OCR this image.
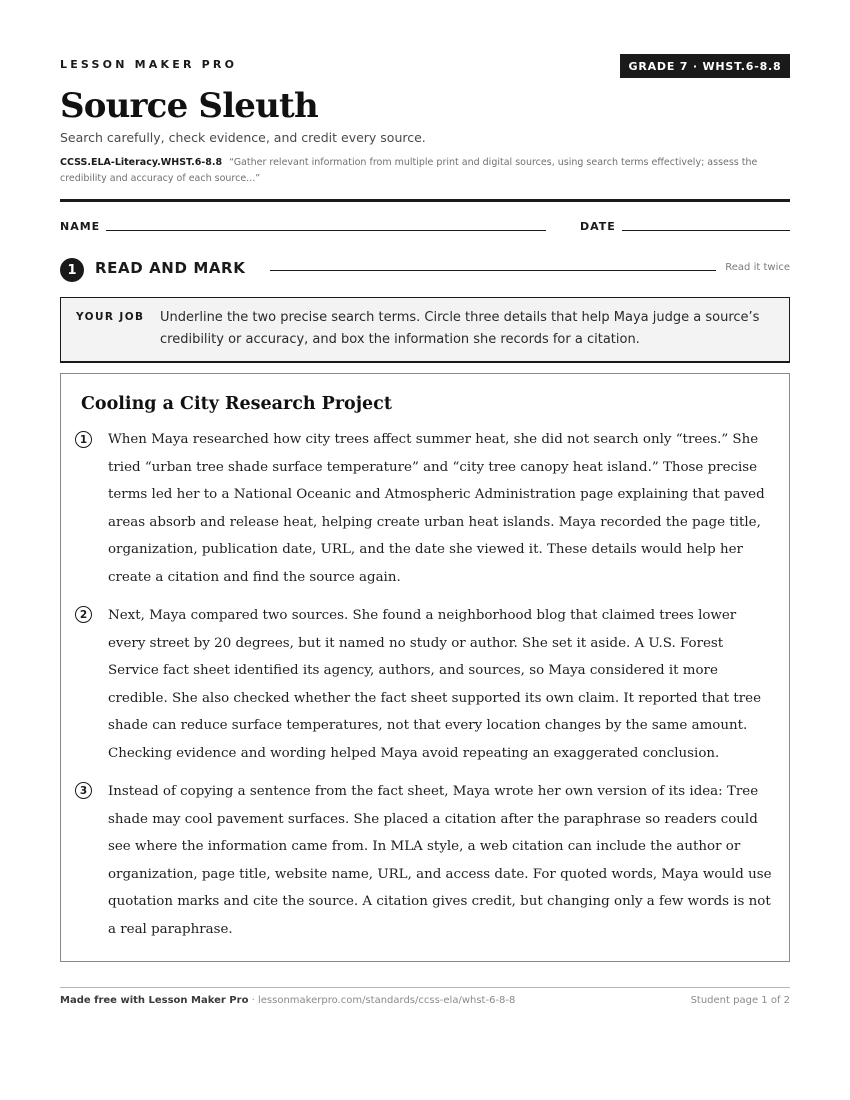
LESSON MAKER PRO	GRADE 7 · WHST.6-8.8
Source Sleuth
Search carefully, check evidence, and credit every source.
CCSS.ELA-Literacy.WHST.6-8.8 “Gather relevant information from multiple print and digital sources, using search terms effectively; assess the credibility and accuracy of each source...”
NAME	DATE
1	READ AND MARK	Read it twice
YOUR JOB Underline the two precise search terms. Circle three details that help Maya judge a source’s credibility or accuracy, and box the information she records for a citation.
Cooling a City Research Project
1	When Maya researched how city trees affect summer heat, she did not search only “trees.” She tried “urban tree shade surface temperature” and “city tree canopy heat island.” Those precise terms led her to a National Oceanic and Atmospheric Administration page explaining that paved areas absorb and release heat, helping create urban heat islands. Maya recorded the page title, organization, publication date, URL, and the date she viewed it. These details would help her create a citation and find the source again.
2	Next, Maya compared two sources. She found a neighborhood blog that claimed trees lower every street by 20 degrees, but it named no study or author. She set it aside. A U.S. Forest Service fact sheet identified its agency, authors, and sources, so Maya considered it more credible. She also checked whether the fact sheet supported its own claim. It reported that tree shade can reduce surface temperatures, not that every location changes by the same amount. Checking evidence and wording helped Maya avoid repeating an exaggerated conclusion.
3	Instead of copying a sentence from the fact sheet, Maya wrote her own version of its idea: Tree shade may cool pavement surfaces. She placed a citation after the paraphrase so readers could see where the information came from. In MLA style, a web citation can include the author or organization, page title, website name, URL, and access date. For quoted words, Maya would use quotation marks and cite the source. A citation gives credit, but changing only a few words is not a real paraphrase.
Made free with Lesson Maker Pro · lessonmakerpro.com/standards/ccss-ela/whst-6-8-8	Student page 1 of 2
